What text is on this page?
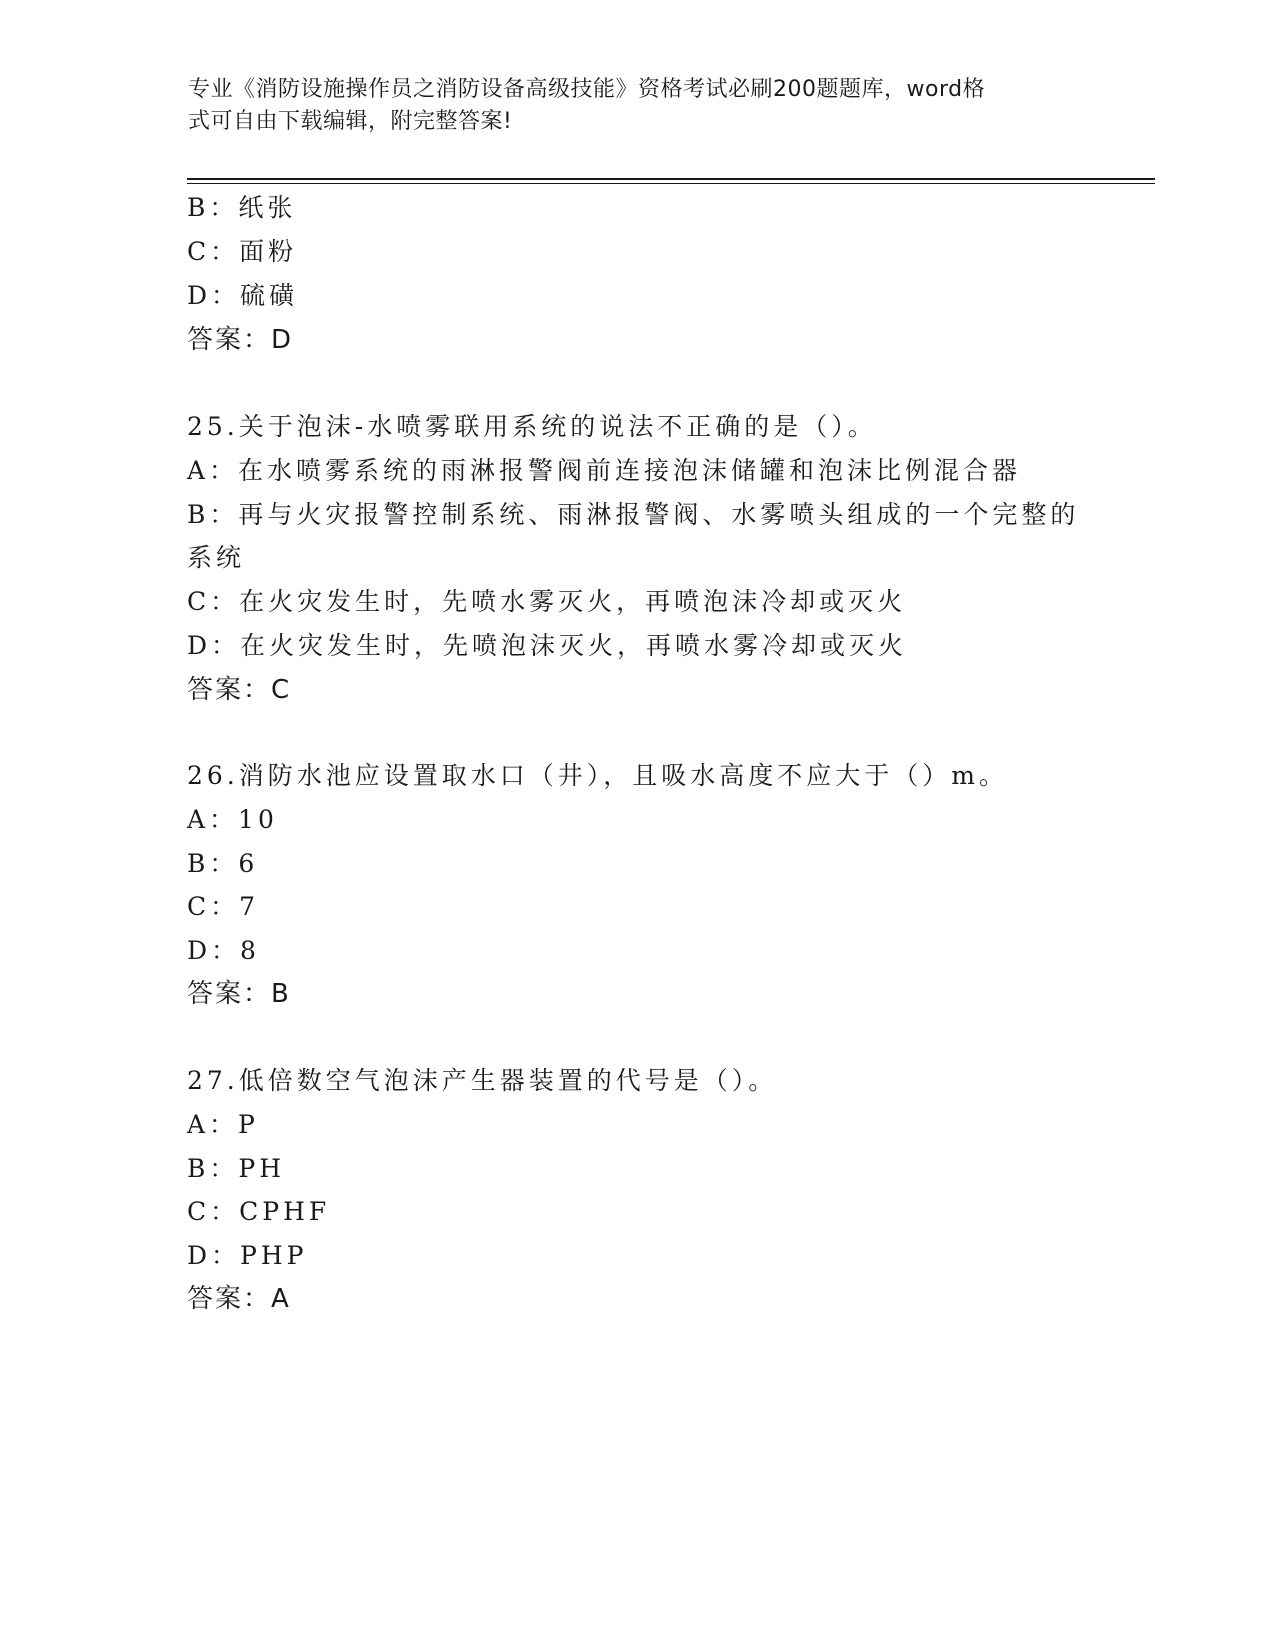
专业《消防设施操作员之消防设备高级技能》资格考试必刷200题题库，word格
式可自由下载编辑，附完整答案!
B：纸张
C：面粉
D：硫磺
答案：D
25.关于泡沫-水喷雾联用系统的说法不正确的是（）。
A：在水喷雾系统的雨淋报警阀前连接泡沫储罐和泡沫比例混合器
B：再与火灾报警控制系统、雨淋报警阀、水雾喷头组成的一个完整的
系统
C：在火灾发生时，先喷水雾灭火，再喷泡沫冷却或灭火
D：在火灾发生时，先喷泡沫灭火，再喷水雾冷却或灭火
答案：C
26.消防水池应设置取水口（井），且吸水高度不应大于（）m。
A：10
B：6
C：7
D：8
答案：B
27.低倍数空气泡沫产生器装置的代号是（）。
A：P
B：PH
C：CPHF
D：PHP
答案：A
